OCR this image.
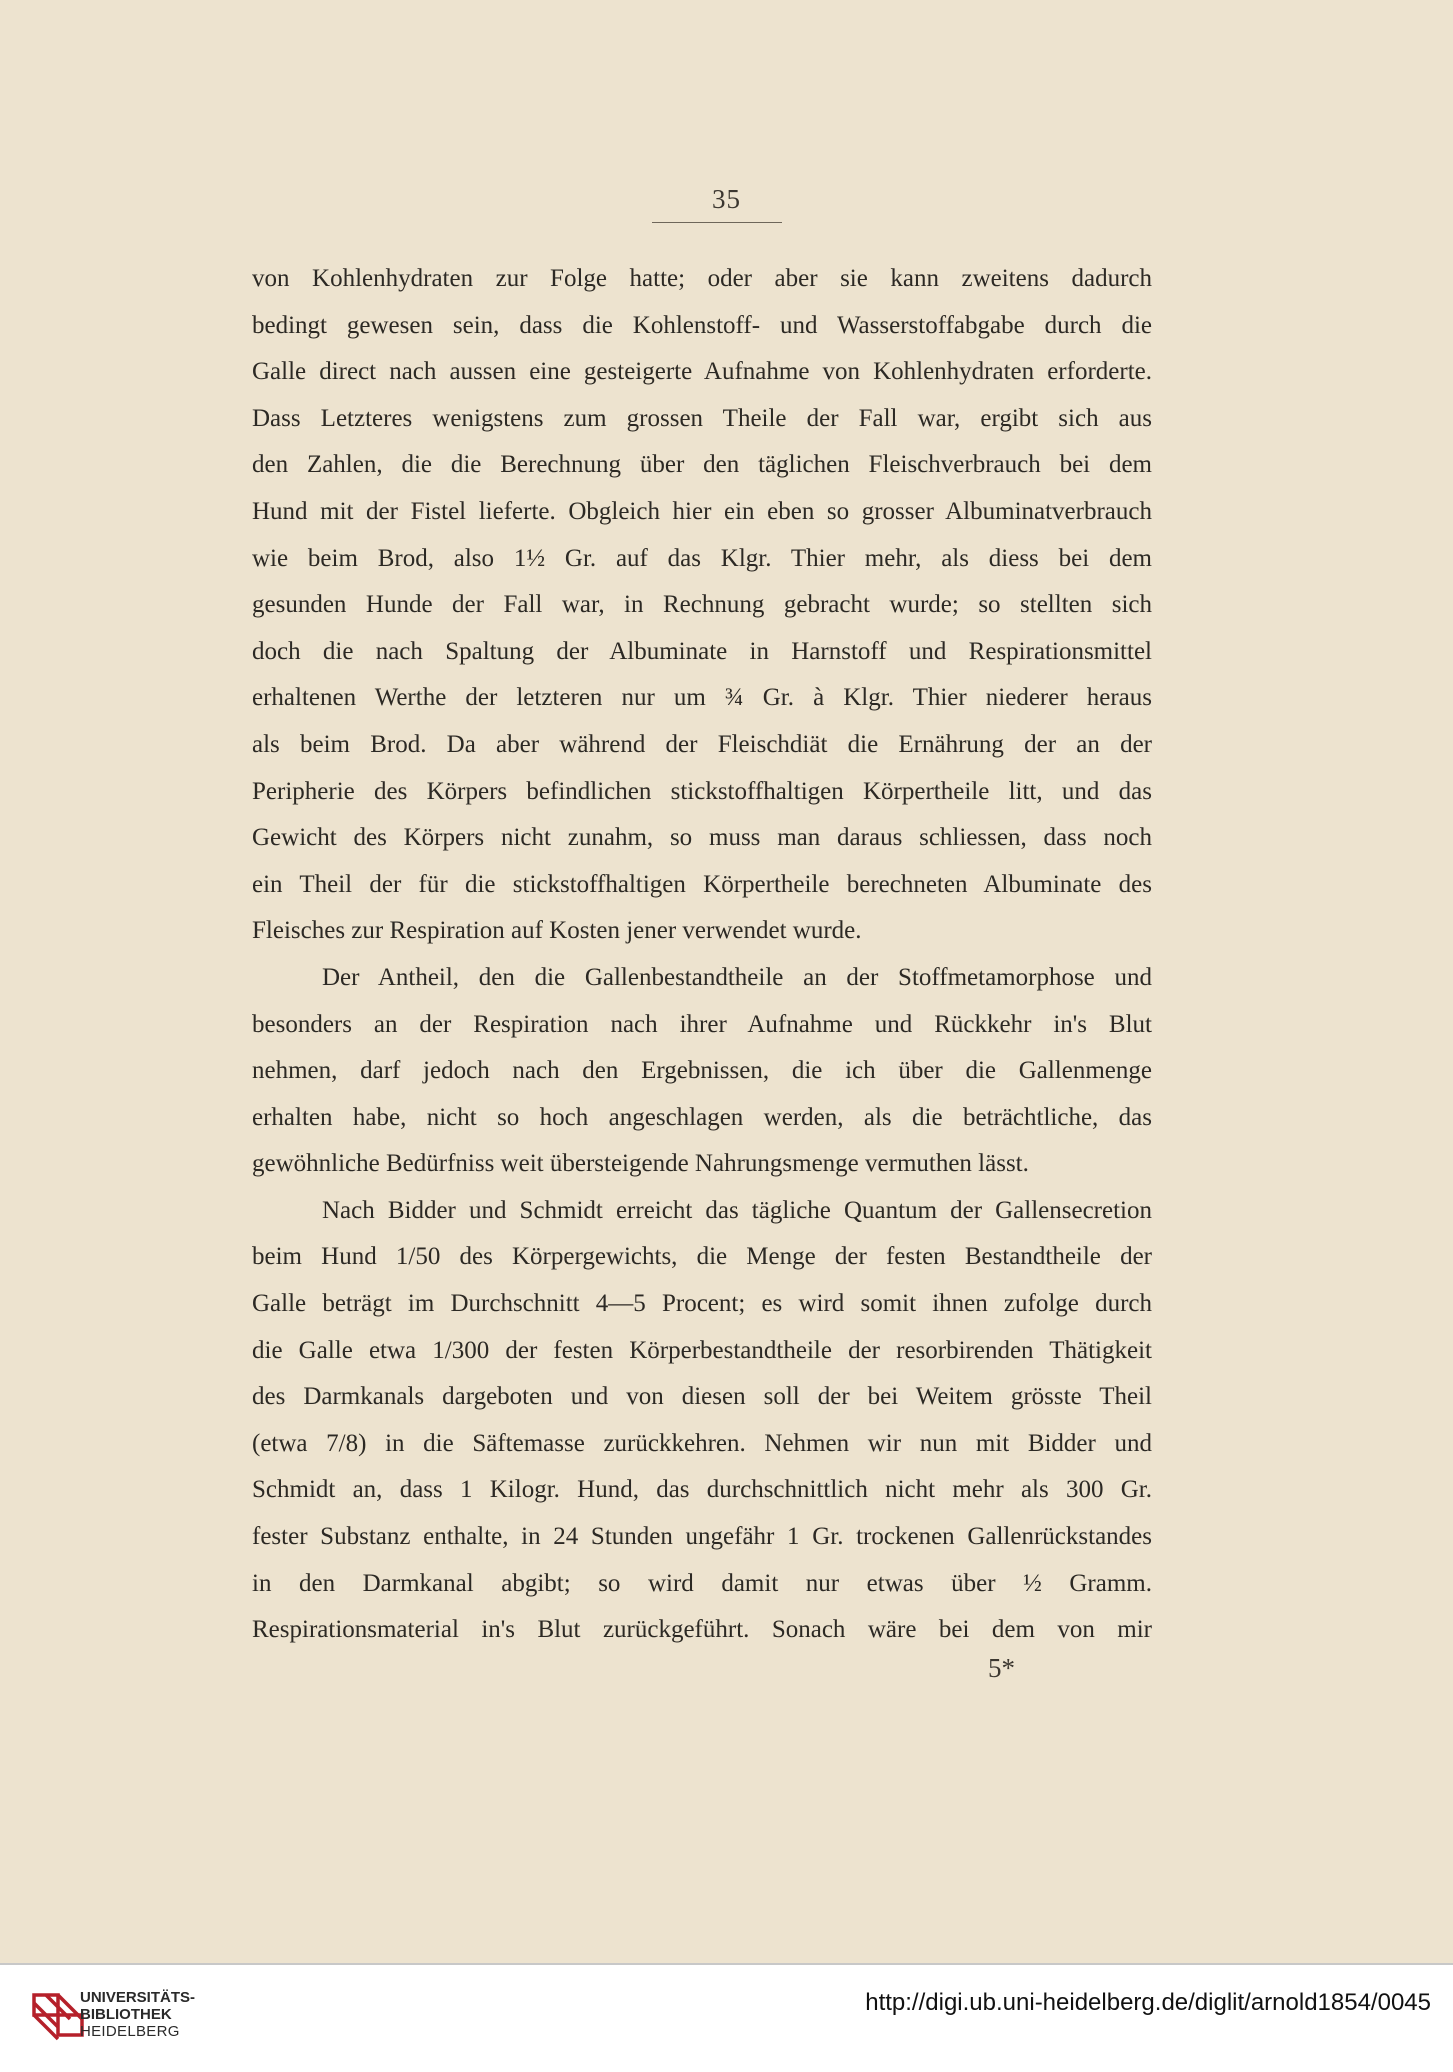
35

von Kohlenhydraten zur Folge hatte; oder aber sie kann zweitens dadurch
bedingt gewesen sein, dass die Kohlenstoff- und Wasserstoffabgabe durch die
Galle direct nach aussen eine gesteigerte Aufnahme von Kohlenhydraten erforderte.
Dass Letzteres wenigstens zum grossen Theile der Fall war, ergibt sich aus
den Zahlen, die die Berechnung über den täglichen Fleischverbrauch bei dem
Hund mit der Fistel lieferte. Obgleich hier ein eben so grosser Albuminatverbrauch
wie beim Brod, also 1½ Gr. auf das Klgr. Thier mehr, als diess bei dem
gesunden Hunde der Fall war, in Rechnung gebracht wurde; so stellten sich
doch die nach Spaltung der Albuminate in Harnstoff und Respirationsmittel
erhaltenen Werthe der letzteren nur um ¾ Gr. à Klgr. Thier niederer heraus
als beim Brod. Da aber während der Fleischdiät die Ernährung der an der
Peripherie des Körpers befindlichen stickstoffhaltigen Körpertheile litt, und das
Gewicht des Körpers nicht zunahm, so muss man daraus schliessen, dass noch
ein Theil der für die stickstoffhaltigen Körpertheile berechneten Albuminate des

Fleisches zur Respiration auf Kosten jener verwendet wurde.

Der Antheil, den die Gallenbestandtheile an der Stoffmetamorphose und
besonders an der Respiration nach ihrer Aufnahme und Rückkehr in's Blut
nehmen, darf jedoch nach den Ergebnissen, die ich über die Gallenmenge
erhalten habe, nicht so hoch angeschlagen werden, als die beträchtliche, das

gewöhnliche Bedürfniss weit übersteigende Nahrungsmenge vermuthen lässt.

Nach Bidder und Schmidt erreicht das tägliche Quantum der Gallensecretion
beim Hund 1/50 des Körpergewichts, die Menge der festen Bestandtheile der
Galle beträgt im Durchschnitt 4—5 Procent; es wird somit ihnen zufolge durch
die Galle etwa 1/300 der festen Körperbestandtheile der resorbirenden Thätigkeit
des Darmkanals dargeboten und von diesen soll der bei Weitem grösste Theil
(etwa 7/8) in die Säftemasse zurückkehren. Nehmen wir nun mit Bidder und
Schmidt an, dass 1 Kilogr. Hund, das durchschnittlich nicht mehr als 300 Gr.
fester Substanz enthalte, in 24 Stunden ungefähr 1 Gr. trockenen Gallenrückstandes
in den Darmkanal abgibt; so wird damit nur etwas über ½ Gramm.
Respirationsmaterial in's Blut zurückgeführt. Sonach wäre bei dem von mir

5*
UNIVERSITÄTS-
BIBLIOTHEK
HEIDELBERG
http://digi.ub.uni-heidelberg.de/diglit/arnold1854/0045
